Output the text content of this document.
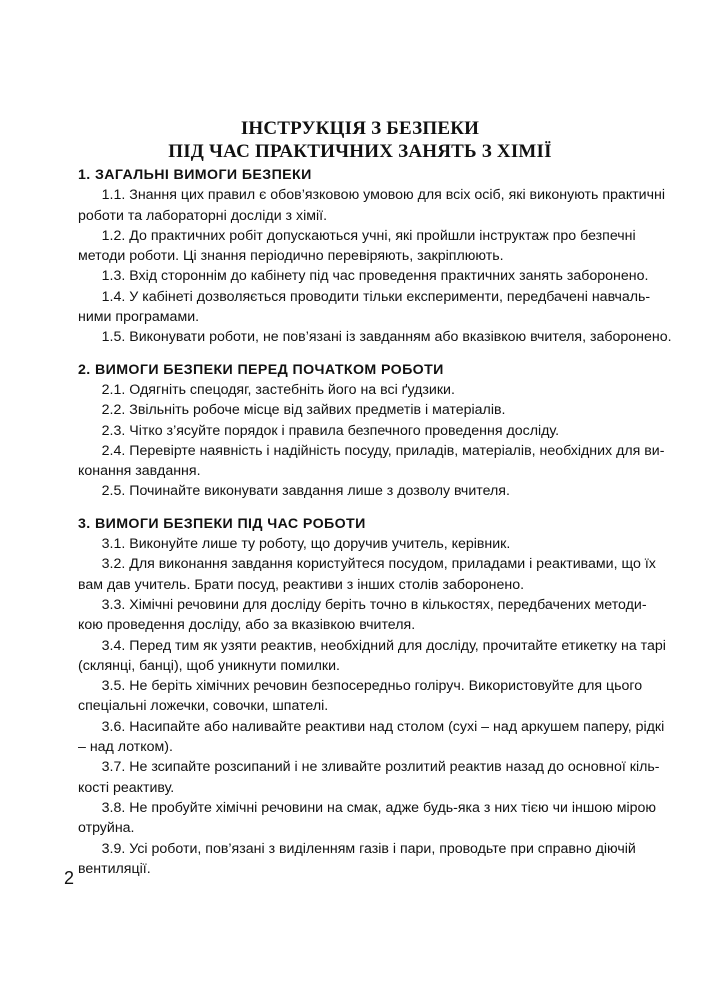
ІНСТРУКЦІЯ З БЕЗПЕКИ
ПІД ЧАС ПРАКТИЧНИХ ЗАНЯТЬ З ХІМІЇ
1. ЗАГАЛЬНІ ВИМОГИ БЕЗПЕКИ

1.1. Знання цих правил є обов’язковою умовою для всіх осіб, які виконують практичні

роботи та лабораторні досліди з хімії.

1.2. До практичних робіт допускаються учні, які пройшли інструктаж про безпечні

методи роботи. Ці знання періодично перевіряють, закріплюють.

1.3. Вхід стороннім до кабінету під час проведення практичних занять заборонено.

1.4. У кабінеті дозволяється проводити тільки експерименти, передбачені навчаль-

ними програмами.

1.5. Виконувати роботи, не пов’язані із завданням або вказівкою вчителя, заборонено.

2. ВИМОГИ БЕЗПЕКИ ПЕРЕД ПОЧАТКОМ РОБОТИ

2.1. Одягніть спецодяг, застебніть його на всі ґудзики.

2.2. Звільніть робоче місце від зайвих предметів і матеріалів.

2.3. Чітко з’ясуйте порядок і правила безпечного проведення досліду.

2.4. Перевірте наявність і надійність посуду, приладів, матеріалів, необхідних для ви-

конання завдання.

2.5. Починайте виконувати завдання лише з дозволу вчителя.

3. ВИМОГИ БЕЗПЕКИ ПІД ЧАС РОБОТИ

3.1. Виконуйте лише ту роботу, що доручив учитель, керівник.

3.2. Для виконання завдання користуйтеся посудом, приладами і реактивами, що їх

вам дав учитель. Брати посуд, реактиви з інших столів заборонено.

3.3. Хімічні речовини для досліду беріть точно в кількостях, передбачених методи-

кою проведення досліду, або за вказівкою вчителя.

3.4. Перед тим як узяти реактив, необхідний для досліду, прочитайте етикетку на тарі

(склянці, банці), щоб уникнути помилки.

3.5. Не беріть хімічних речовин безпосередньо голіруч. Використовуйте для цього

спеціальні ложечки, совочки, шпателі.

3.6. Насипайте або наливайте реактиви над столом (сухі – над аркушем паперу, рідкі

– над лотком).

3.7. Не зсипайте розсипаний і не зливайте розлитий реактив назад до основної кіль-

кості реактиву.

3.8. Не пробуйте хімічні речовини на смак, адже будь-яка з них тією чи іншою мірою

отруйна.

3.9. Усі роботи, пов’язані з виділенням газів і пари, проводьте при справно діючій

вентиляції.

2
